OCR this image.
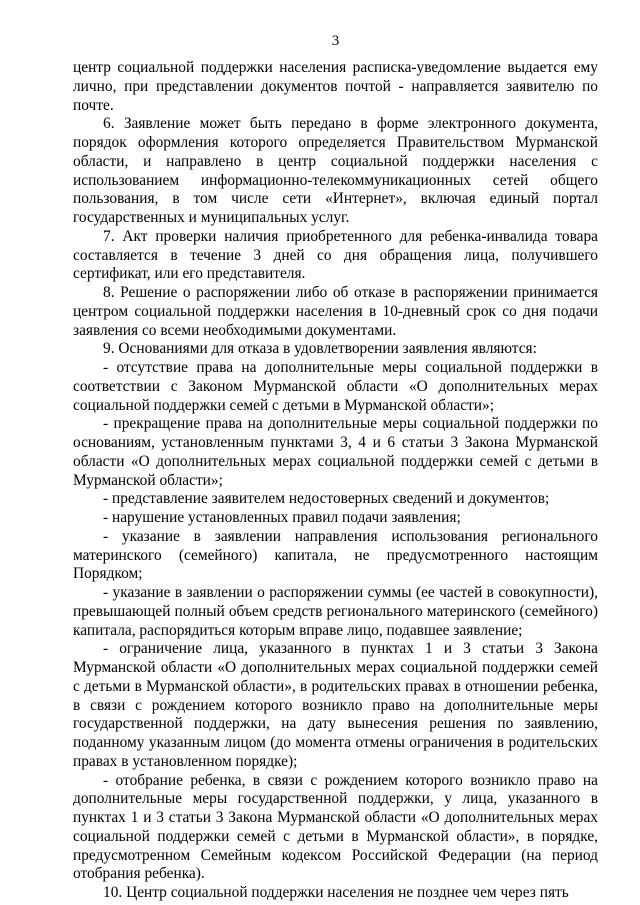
3

центр социальной поддержки населения расписка-уведомление выдается ему лично, при представлении документов почтой - направляется заявителю по почте.

6. Заявление может быть передано в форме электронного документа, порядок оформления которого определяется Правительством Мурманской области, и направлено в центр социальной поддержки населения с использованием информационно-телекоммуникационных сетей общего пользования, в том числе сети «Интернет», включая единый портал государственных и муниципальных услуг.

7. Акт проверки наличия приобретенного для ребенка-инвалида товара составляется в течение 3 дней со дня обращения лица, получившего сертификат, или его представителя.

8. Решение о распоряжении либо об отказе в распоряжении принимается центром социальной поддержки населения в 10-дневный срок со дня подачи заявления со всеми необходимыми документами.

9. Основаниями для отказа в удовлетворении заявления являются:

- отсутствие права на дополнительные меры социальной поддержки в соответствии с Законом Мурманской области «О дополнительных мерах социальной поддержки семей с детьми в Мурманской области»;

- прекращение права на дополнительные меры социальной поддержки по основаниям, установленным пунктами 3, 4 и 6 статьи 3 Закона Мурманской области «О дополнительных мерах социальной поддержки семей с детьми в Мурманской области»;

- представление заявителем недостоверных сведений и документов;

- нарушение установленных правил подачи заявления;

- указание в заявлении направления использования регионального материнского (семейного) капитала, не предусмотренного настоящим Порядком;

- указание в заявлении о распоряжении суммы (ее частей в совокупности), превышающей полный объем средств регионального материнского (семейного) капитала, распорядиться которым вправе лицо, подавшее заявление;

- ограничение лица, указанного в пунктах 1 и 3 статьи 3 Закона Мурманской области «О дополнительных мерах социальной поддержки семей с детьми в Мурманской области», в родительских правах в отношении ребенка, в связи с рождением которого возникло право на дополнительные меры государственной поддержки, на дату вынесения решения по заявлению, поданному указанным лицом (до момента отмены ограничения в родительских правах в установленном порядке);

- отобрание ребенка, в связи с рождением которого возникло право на дополнительные меры государственной поддержки, у лица, указанного в пунктах 1 и 3 статьи 3 Закона Мурманской области «О дополнительных мерах социальной поддержки семей с детьми в Мурманской области», в порядке, предусмотренном Семейным кодексом Российской Федерации (на период отобрания ребенка).

10. Центр социальной поддержки населения не позднее чем через пять
